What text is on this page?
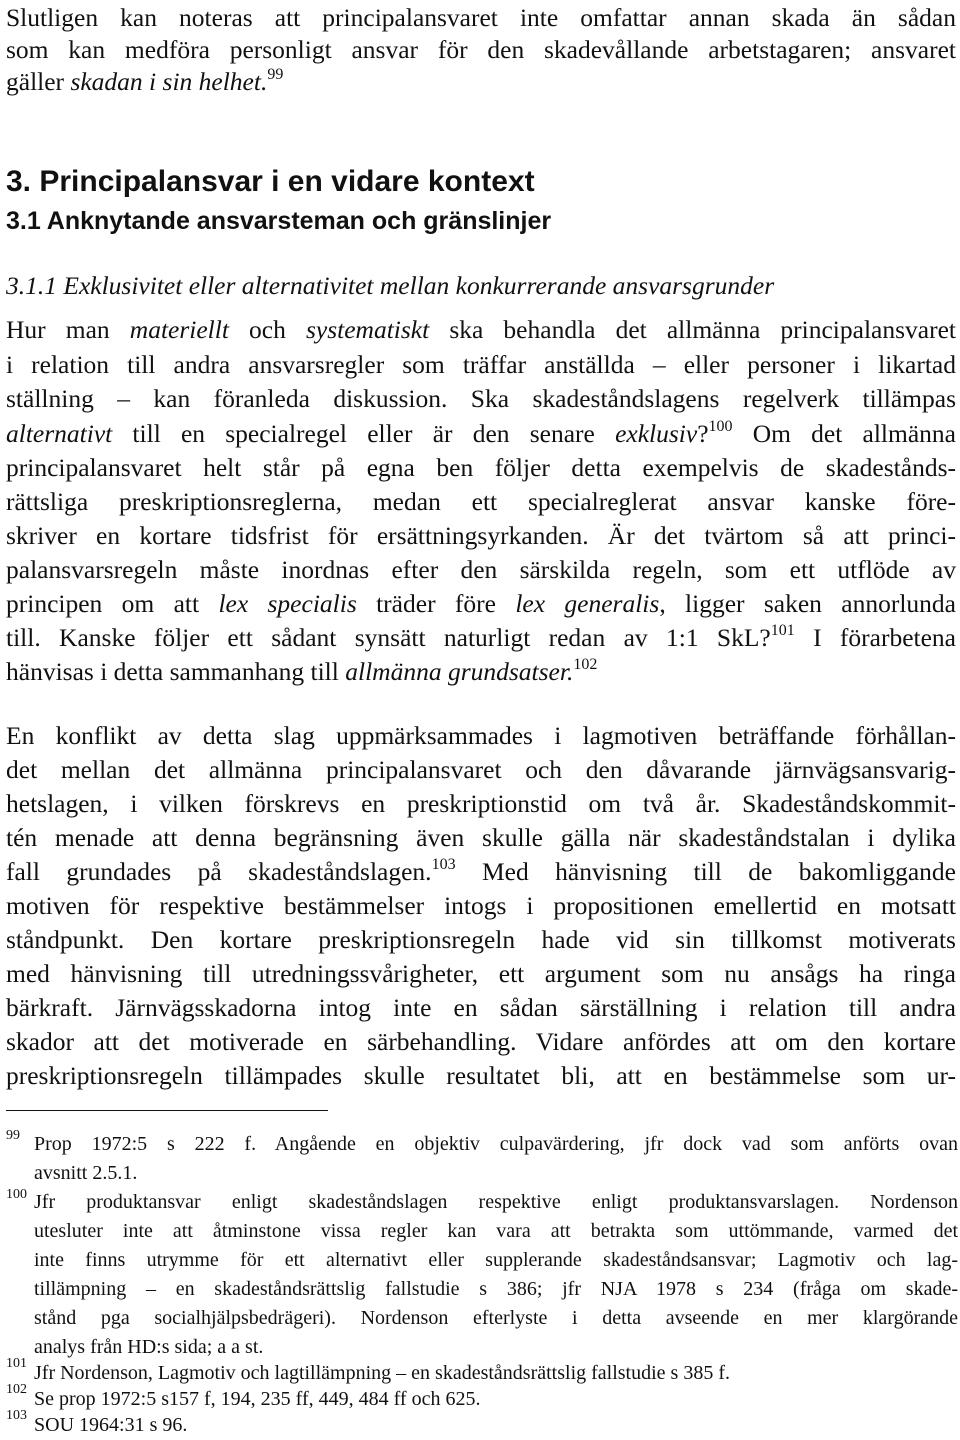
Slutligen kan noteras att principalansvaret inte omfattar annan skada än sådan
som kan medföra personligt ansvar för den skadevållande arbetstagaren; ansvaret
gäller skadan i sin helhet.$^{99}$
3. Principalansvar i en vidare kontext
3.1 Anknytande ansvarsteman och gränslinjer
3.1.1 Exklusivitet eller alternativitet mellan konkurrerande ansvarsgrunder
Hur man materiellt och systematiskt ska behandla det allmänna principalansvaret
i relation till andra ansvarsregler som träffar anställda – eller personer i likartad
ställning – kan föranleda diskussion. Ska skadeståndslagens regelverk tillämpas
alternativt till en specialregel eller är den senare exklusiv?$^{100}$ Om det allmänna
principalansvaret helt står på egna ben följer detta exempelvis de skadestånds-
rättsliga preskriptionsreglerna, medan ett specialreglerat ansvar kanske före-
skriver en kortare tidsfrist för ersättningsyrkanden. Är det tvärtom så att princi-
palansvarsregeln måste inordnas efter den särskilda regeln, som ett utflöde av
principen om att lex specialis träder före lex generalis, ligger saken annorlunda
till. Kanske följer ett sådant synsätt naturligt redan av 1:1 SkL?$^{101}$ I förarbetena
hänvisas i detta sammanhang till allmänna grundsatser.$^{102}$
En konflikt av detta slag uppmärksammades i lagmotiven beträffande förhållan-
det mellan det allmänna principalansvaret och den dåvarande järnvägsansvarig-
hetslagen, i vilken förskrevs en preskriptionstid om två år. Skadeståndskommit-
tén menade att denna begränsning även skulle gälla när skadeståndstalan i dylika
fall grundades på skadeståndslagen.$^{103}$ Med hänvisning till de bakomliggande
motiven för respektive bestämmelser intogs i propositionen emellertid en motsatt
ståndpunkt. Den kortare preskriptionsregeln hade vid sin tillkomst motiverats
med hänvisning till utredningssvårigheter, ett argument som nu ansågs ha ringa
bärkraft. Järnvägsskadorna intog inte en sådan särställning i relation till andra
skador att det motiverade en särbehandling. Vidare anfördes att om den kortare
preskriptionsregeln tillämpades skulle resultatet bli, att en bestämmelse som ur-
99 Prop 1972:5 s 222 f. Angående en objektiv culpavärdering, jfr dock vad som anförts ovan
avsnitt 2.5.1.
100 Jfr produktansvar enligt skadeståndslagen respektive enligt produktansvarslagen. Nordenson
utesluter inte att åtminstone vissa regler kan vara att betrakta som uttömmande, varmed det
inte finns utrymme för ett alternativt eller supplerande skadeståndsansvar; Lagmotiv och lag-
tillämpning – en skadeståndsrättslig fallstudie s 386; jfr NJA 1978 s 234 (fråga om skade-
stånd pga socialhjälpsbedrägeri). Nordenson efterlyste i detta avseende en mer klargörande
analys från HD:s sida; a a st.
101 Jfr Nordenson, Lagmotiv och lagtillämpning – en skadeståndsrättslig fallstudie s 385 f.
102 Se prop 1972:5 s157 f, 194, 235 ff, 449, 484 ff och 625.
103 SOU 1964:31 s 96.
